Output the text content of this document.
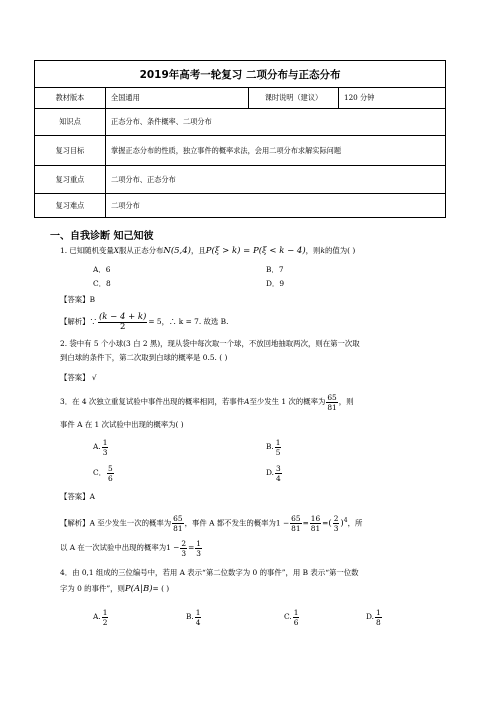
2019年高考一轮复习 二项分布与正态分布			
教材版本	全国通用	课时说明（建议）	120 分钟
知识点	正态分布、条件概率、二项分布		
复习目标	掌握正态分布的性质，独立事件的概率求法，会用二项分布求解实际问题		
复习重点	二项分布、正态分布		
复习难点	二项分布		
一、自我诊断 知己知彼
1. 已知随机变量X服从正态分布N(5,4)，且P(ξ > k) = P(ξ < k − 4)，则k的值为( )
A．6	B．7
C．8	D．9
【答案】B
【解析】∵ $\frac{(k - 4 + k)}{2} = 5$，∴ k = 7. 故选 B.
2. 袋中有 5 个小球(3 白 2 黑)，现从袋中每次取一个球，不放回地抽取两次，则在第一次取
到白球的条件下，第二次取到白球的概率是 0.5. ( )
【答案】 √
3．在 4 次独立重复试验中事件出现的概率相同，若事件A至少发生 1 次的概率为 $\frac{65}{81}$ ，则
事件 A 在 1 次试验中出现的概率为( )
A. $\frac{1}{3}$	B. $\frac{1}{5}$
C． $\frac{5}{6}$	D. $\frac{3}{4}$
【答案】A
【解析】A 至少发生一次的概率为 $\frac{65}{81}$ ，事件 A 都不发生的概率为$1 - \frac{65}{81} = \frac{16}{81}$ =( $\frac{2}{3} )^4$，所
以 A 在一次试验中出现的概率为$1 - \frac{2}{3} = \frac{1}{3}$
4．由 0,1 组成的三位编号中，若用 A 表示“第二位数字为 0 的事件”，用 B 表示“第一位数
字为 0 的事件”，则P(A|B)= ( )
A. $\frac{1}{2}$	B. $\frac{1}{4}$	C. $\frac{1}{6}$	D. $\frac{1}{8}$
